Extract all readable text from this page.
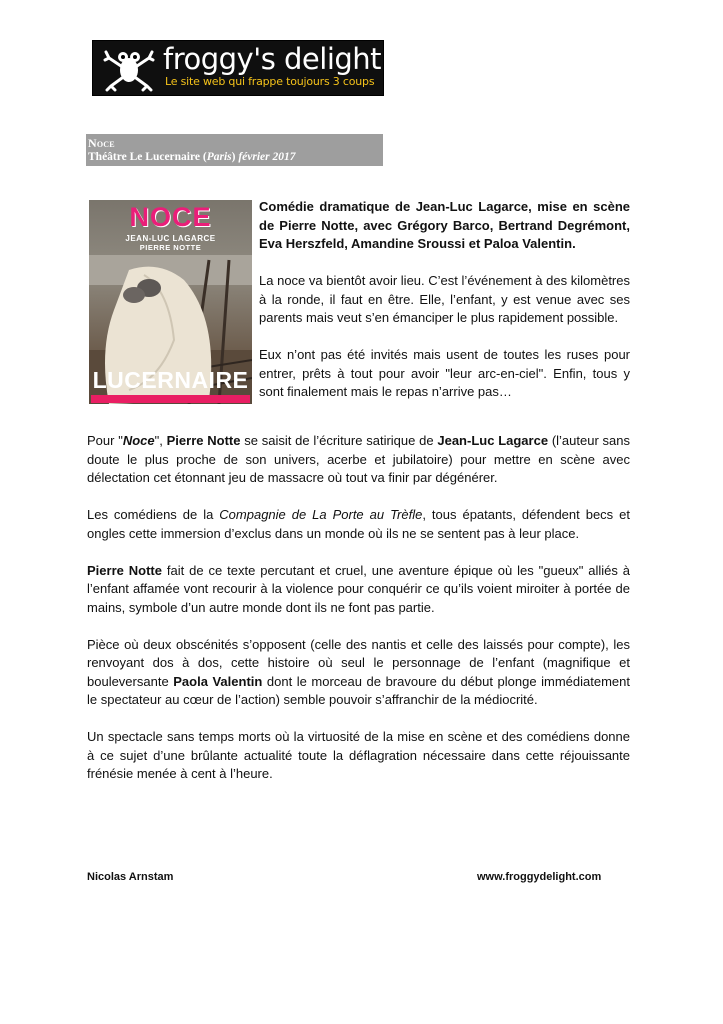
froggy's delight
Le site web qui frappe toujours 3 coups
Noce
Théâtre Le Lucernaire (Paris) février 2017
NOCE
JEAN-LUC LAGARCE
PIERRE NOTTE
LUCERNAIRE

Comédie dramatique de Jean-Luc Lagarce, mise en scène de Pierre Notte, avec Grégory Barco, Bertrand Degrémont, Eva Herszfeld, Amandine Sroussi et Paloa Valentin.

La noce va bientôt avoir lieu. C’est l’événement à des kilomètres à la ronde, il faut en être. Elle, l’enfant, y est venue avec ses parents mais veut s’en émanciper le plus rapidement possible.

Eux n’ont pas été invités mais usent de toutes les ruses pour entrer, prêts à tout pour avoir "leur arc-en-ciel". Enfin, tous y sont finalement mais le repas n’arrive pas…

Pour "Noce", Pierre Notte se saisit de l’écriture satirique de Jean-Luc Lagarce (l’auteur sans doute le plus proche de son univers, acerbe et jubilatoire) pour mettre en scène avec délectation cet étonnant jeu de massacre où tout va finir par dégénérer.

Les comédiens de la Compagnie de La Porte au Trèfle, tous épatants, défendent becs et ongles cette immersion d’exclus dans un monde où ils ne se sentent pas à leur place.

Pierre Notte fait de ce texte percutant et cruel, une aventure épique où les "gueux" alliés à l’enfant affamée vont recourir à la violence pour conquérir ce qu’ils voient miroiter à portée de mains, symbole d’un autre monde dont ils ne font pas partie.

Pièce où deux obscénités s’opposent (celle des nantis et celle des laissés pour compte), les renvoyant dos à dos, cette histoire où seul le personnage de l’enfant (magnifique et bouleversante Paola Valentin dont le morceau de bravoure du début plonge immédiatement le spectateur au cœur de l’action) semble pouvoir s’affranchir de la médiocrité.

Un spectacle sans temps morts où la virtuosité de la mise en scène et des comédiens donne à ce sujet d’une brûlante actualité toute la déflagration nécessaire dans cette réjouissante frénésie menée à cent à l’heure.

Nicolas Arnstam	www.froggydelight.com
